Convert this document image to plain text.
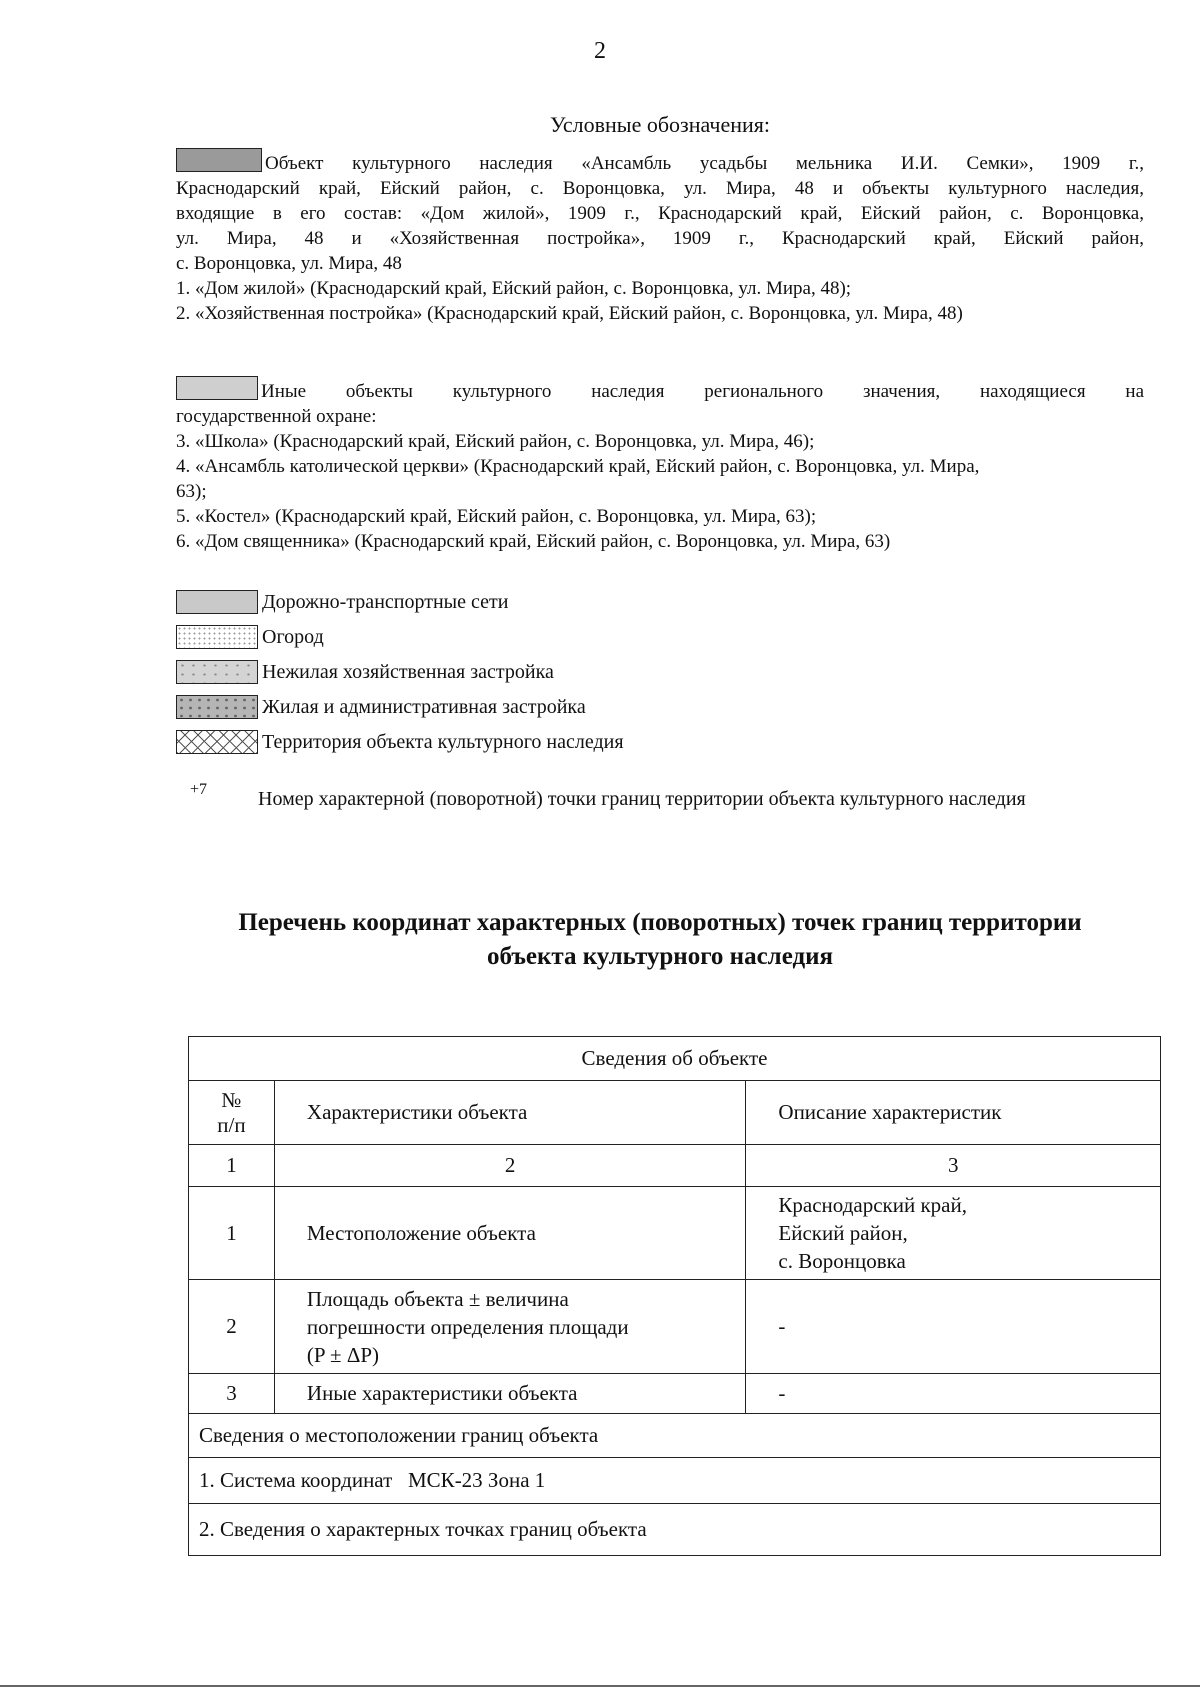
2
Условные обозначения:
Объект культурного наследия «Ансамбль усадьбы мельника И.И. Семки», 1909 г.,
Краснодарский край, Ейский район, с. Воронцовка, ул. Мира, 48 и объекты культурного наследия,
входящие в его состав: «Дом жилой», 1909 г., Краснодарский край, Ейский район, с. Воронцовка,
ул. Мира, 48 и «Хозяйственная постройка», 1909 г., Краснодарский край, Ейский район,
с. Воронцовка, ул. Мира, 48
1. «Дом жилой» (Краснодарский край, Ейский район, с. Воронцовка, ул. Мира, 48);
2. «Хозяйственная постройка» (Краснодарский край, Ейский район, с. Воронцовка, ул. Мира, 48)
Иные объекты культурного наследия регионального значения, находящиеся на
государственной охране:
3. «Школа» (Краснодарский край, Ейский район, с. Воронцовка, ул. Мира, 46);
4. «Ансамбль католической церкви» (Краснодарский край, Ейский район, с. Воронцовка, ул. Мира,
63);
5. «Костел» (Краснодарский край, Ейский район, с. Воронцовка, ул. Мира, 63);
6. «Дом священника» (Краснодарский край, Ейский район, с. Воронцовка, ул. Мира, 63)
Дорожно-транспортные сети
Огород
Нежилая хозяйственная застройка
Жилая и административная застройка
Территория объекта культурного наследия
+7	Номер характерной (поворотной) точки границ территории объекта культурного наследия
Перечень координат характерных (поворотных) точек границ территории
объекта культурного наследия
Сведения об объекте		
№
п/п	Характеристики объекта	Описание характеристик
1	2	3
1	Местоположение объекта	Краснодарский край,
Ейский район,
с. Воронцовка
2	Площадь объекта ± величина
погрешности определения площади
(P ± ΔP)	-
3	Иные характеристики объекта	-
Сведения о местоположении границ объекта		
1. Система координат   МСК-23 Зона 1		
2. Сведения о характерных точках границ объекта		
